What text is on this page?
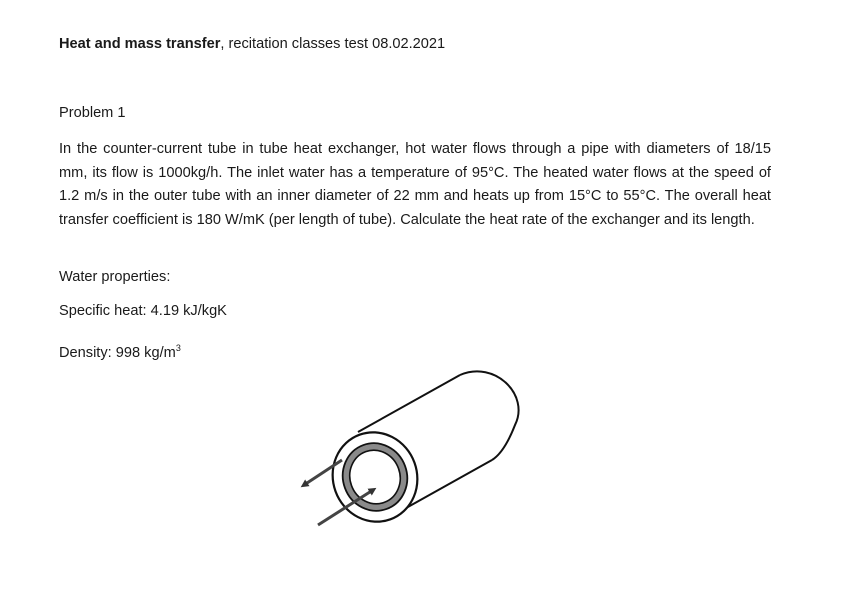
Heat and mass transfer, recitation classes test 08.02.2021
Problem 1
In the counter-current tube in tube heat exchanger, hot water flows through a pipe with diameters of 18/15 mm, its flow is 1000kg/h. The inlet water has a temperature of 95°C. The heated water flows at the speed of 1.2 m/s in the outer tube with an inner diameter of 22 mm and heats up from 15°C to 55°C. The overall heat transfer coefficient is 180 W/mK (per length of tube). Calculate the heat rate of the exchanger and its length.
Water properties:
Specific heat: 4.19 kJ/kgK
Density: 998 $kg/m^3$
